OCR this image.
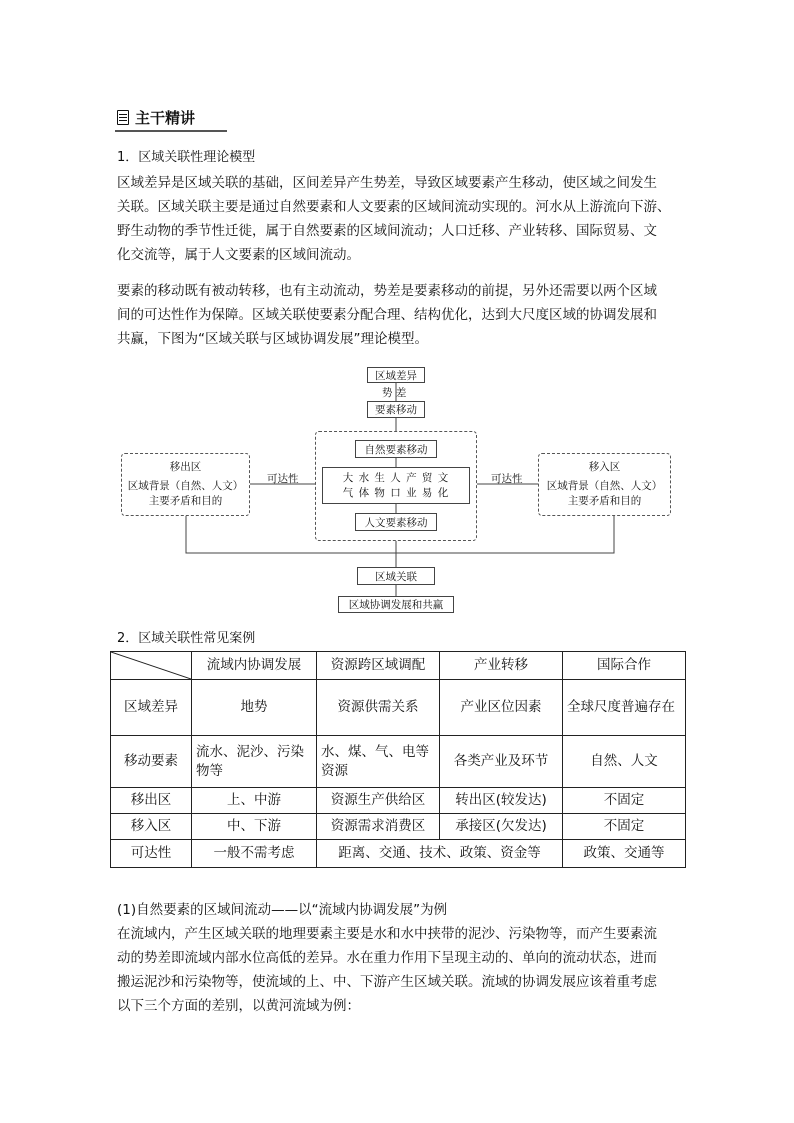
主干精讲
1．区域关联性理论模型

区域差异是区域关联的基础，区间差异产生势差，导致区域要素产生移动，使区域之间发生

关联。区域关联主要是通过自然要素和人文要素的区域间流动实现的。河水从上游流向下游、

野生动物的季节性迁徙，属于自然要素的区域间流动；人口迁移、产业转移、国际贸易、文

化交流等，属于人文要素的区域间流动。

要素的移动既有被动转移，也有主动流动，势差是要素移动的前提，另外还需要以两个区域

间的可达性作为保障。区域关联使要素分配合理、结构优化，达到大尺度区域的协调发展和

共赢，下图为“区域关联与区域协调发展”理论模型。

区域差异
势 差
要素移动
自然要素移动
大 水 生 人 产 贸 文
气 体 物 口 业 易 化
人文要素移动
移出区
区域背景（自然、人文）
主要矛盾和目的
移入区
区域背景（自然、人文）
主要矛盾和目的
可达性	可达性
区域关联
区域协调发展和共赢
2．区域关联性常见案例
	流域内协调发展	资源跨区域调配	产业转移	国际合作
区域差异	地势	资源供需关系	产业区位因素	全球尺度普遍存在
移动要素	流水、泥沙、污染物等	水、煤、气、电等资源	各类产业及环节	自然、人文
移出区	上、中游	资源生产供给区	转出区(较发达)	不固定
移入区	中、下游	资源需求消费区	承接区(欠发达)	不固定
可达性	一般不需考虑	距离、交通、技术、政策、资金等		政策、交通等
(1)自然要素的区域间流动——以“流域内协调发展”为例

在流域内，产生区域关联的地理要素主要是水和水中挟带的泥沙、污染物等，而产生要素流

动的势差即流域内部水位高低的差异。水在重力作用下呈现主动的、单向的流动状态，进而

搬运泥沙和污染物等，使流域的上、中、下游产生区域关联。流域的协调发展应该着重考虑

以下三个方面的差别，以黄河流域为例：
